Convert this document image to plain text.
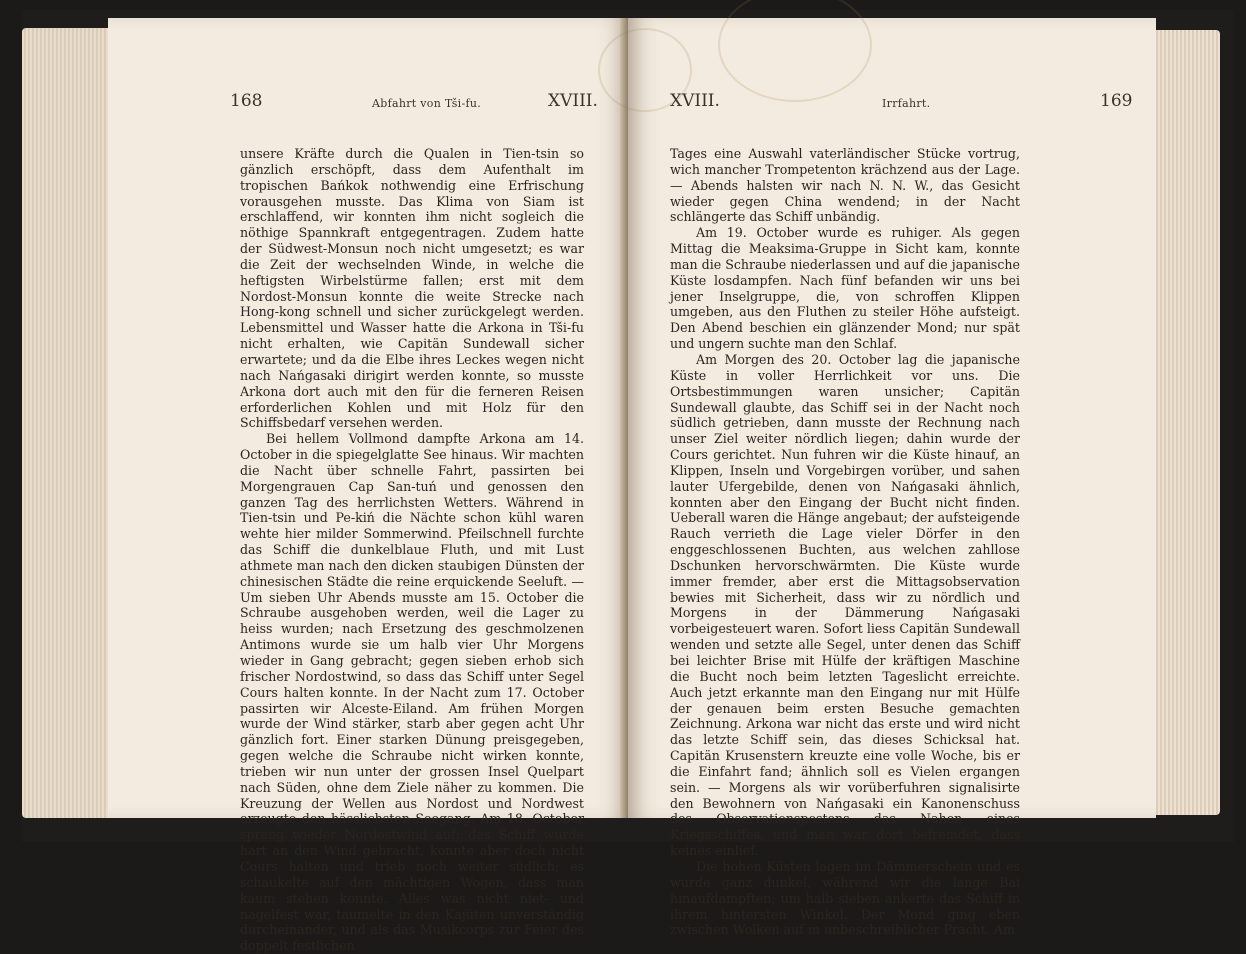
168	Abfahrt von Tši-fu.	XVIII.

unsere Kräfte durch die Qualen in Tien-tsin so gänzlich erschöpft, dass dem Aufenthalt im tropischen Bańkok nothwendig eine Erfrischung vorausgehen musste. Das Klima von Siam ist erschlaffend, wir konnten ihm nicht sogleich die nöthige Spannkraft entgegentragen. Zudem hatte der Südwest-Monsun noch nicht umgesetzt; es war die Zeit der wechselnden Winde, in welche die heftigsten Wirbelstürme fallen; erst mit dem Nordost-Monsun konnte die weite Strecke nach Hong-kong schnell und sicher zurückgelegt werden. Lebensmittel und Wasser hatte die Arkona in Tši-fu nicht erhalten, wie Capitän Sundewall sicher erwartete; und da die Elbe ihres Leckes wegen nicht nach Nańgasaki dirigirt werden konnte, so musste Arkona dort auch mit den für die ferneren Reisen erforderlichen Kohlen und mit Holz für den Schiffsbedarf versehen werden.

Bei hellem Vollmond dampfte Arkona am 14. October in die spiegelglatte See hinaus. Wir machten die Nacht über schnelle Fahrt, passirten bei Morgengrauen Cap San-tuń und genossen den ganzen Tag des herrlichsten Wetters. Während in Tien-tsin und Pe-kiń die Nächte schon kühl waren wehte hier milder Sommerwind. Pfeilschnell furchte das Schiff die dunkelblaue Fluth, und mit Lust athmete man nach den dicken staubigen Dünsten der chinesischen Städte die reine erquickende Seeluft. — Um sieben Uhr Abends musste am 15. October die Schraube ausgehoben werden, weil die Lager zu heiss wurden; nach Ersetzung des geschmolzenen Antimons wurde sie um halb vier Uhr Morgens wieder in Gang gebracht; gegen sieben erhob sich frischer Nordostwind, so dass das Schiff unter Segel Cours halten konnte. In der Nacht zum 17. October passirten wir Alceste-Eiland. Am frühen Morgen wurde der Wind stärker, starb aber gegen acht Uhr gänzlich fort. Einer starken Dünung preisgegeben, gegen welche die Schraube nicht wirken konnte, trieben wir nun unter der grossen Insel Quelpart nach Süden, ohne dem Ziele näher zu kommen. Die Kreuzung der Wellen aus Nordost und Nordwest erzeugte den hässlichsten Seegang. Am 18. October sprang wieder Nordostwind auf; das Schiff wurde hart an den Wind gebracht, konnte aber doch nicht Cours halten und trieb noch weiter südlich; es schaukelte auf den mächtigen Wogen, dass man kaum stehen konnte. Alles was nicht niet- und nagelfest war, taumelte in den Kajüten unverständig durcheinander, und als das Musikcorps zur Feier des doppelt festlichen

XVIII.	Irrfahrt.	169

Tages eine Auswahl vaterländischer Stücke vortrug, wich mancher Trompetenton krächzend aus der Lage. — Abends halsten wir nach N. N. W., das Gesicht wieder gegen China wendend; in der Nacht schlängerte das Schiff unbändig.

Am 19. October wurde es ruhiger. Als gegen Mittag die Meaksima-Gruppe in Sicht kam, konnte man die Schraube niederlassen und auf die japanische Küste losdampfen. Nach fünf befanden wir uns bei jener Inselgruppe, die, von schroffen Klippen umgeben, aus den Fluthen zu steiler Höhe aufsteigt. Den Abend beschien ein glänzender Mond; nur spät und ungern suchte man den Schlaf.

Am Morgen des 20. October lag die japanische Küste in voller Herrlichkeit vor uns. Die Ortsbestimmungen waren unsicher; Capitän Sundewall glaubte, das Schiff sei in der Nacht noch südlich getrieben, dann musste der Rechnung nach unser Ziel weiter nördlich liegen; dahin wurde der Cours gerichtet. Nun fuhren wir die Küste hinauf, an Klippen, Inseln und Vorgebirgen vorüber, und sahen lauter Ufergebilde, denen von Nańgasaki ähnlich, konnten aber den Eingang der Bucht nicht finden. Ueberall waren die Hänge angebaut; der aufsteigende Rauch verrieth die Lage vieler Dörfer in den enggeschlossenen Buchten, aus welchen zahllose Dschunken hervorschwärmten. Die Küste wurde immer fremder, aber erst die Mittagsobservation bewies mit Sicherheit, dass wir zu nördlich und Morgens in der Dämmerung Nańgasaki vorbeigesteuert waren. Sofort liess Capitän Sundewall wenden und setzte alle Segel, unter denen das Schiff bei leichter Brise mit Hülfe der kräftigen Maschine die Bucht noch beim letzten Tageslicht erreichte. Auch jetzt erkannte man den Eingang nur mit Hülfe der genauen beim ersten Besuche gemachten Zeichnung. Arkona war nicht das erste und wird nicht das letzte Schiff sein, das dieses Schicksal hat. Capitän Krusenstern kreuzte eine volle Woche, bis er die Einfahrt fand; ähnlich soll es Vielen ergangen sein. — Morgens als wir vorüberfuhren signalisirte den Bewohnern von Nańgasaki ein Kanonenschuss des Observationspostens das Nahen eines Kriegsschiffes, und man war dort befremdet, dass keines einlief.

Die hohen Küsten lagen im Dämmerschein und es wurde ganz dunkel, während wir die lange Bai hinaufdampften; um halb sieben ankerte das Schiff in ihrem hintersten Winkel. Der Mond ging eben zwischen Wolken auf in unbeschreiblicher Pracht. Am
